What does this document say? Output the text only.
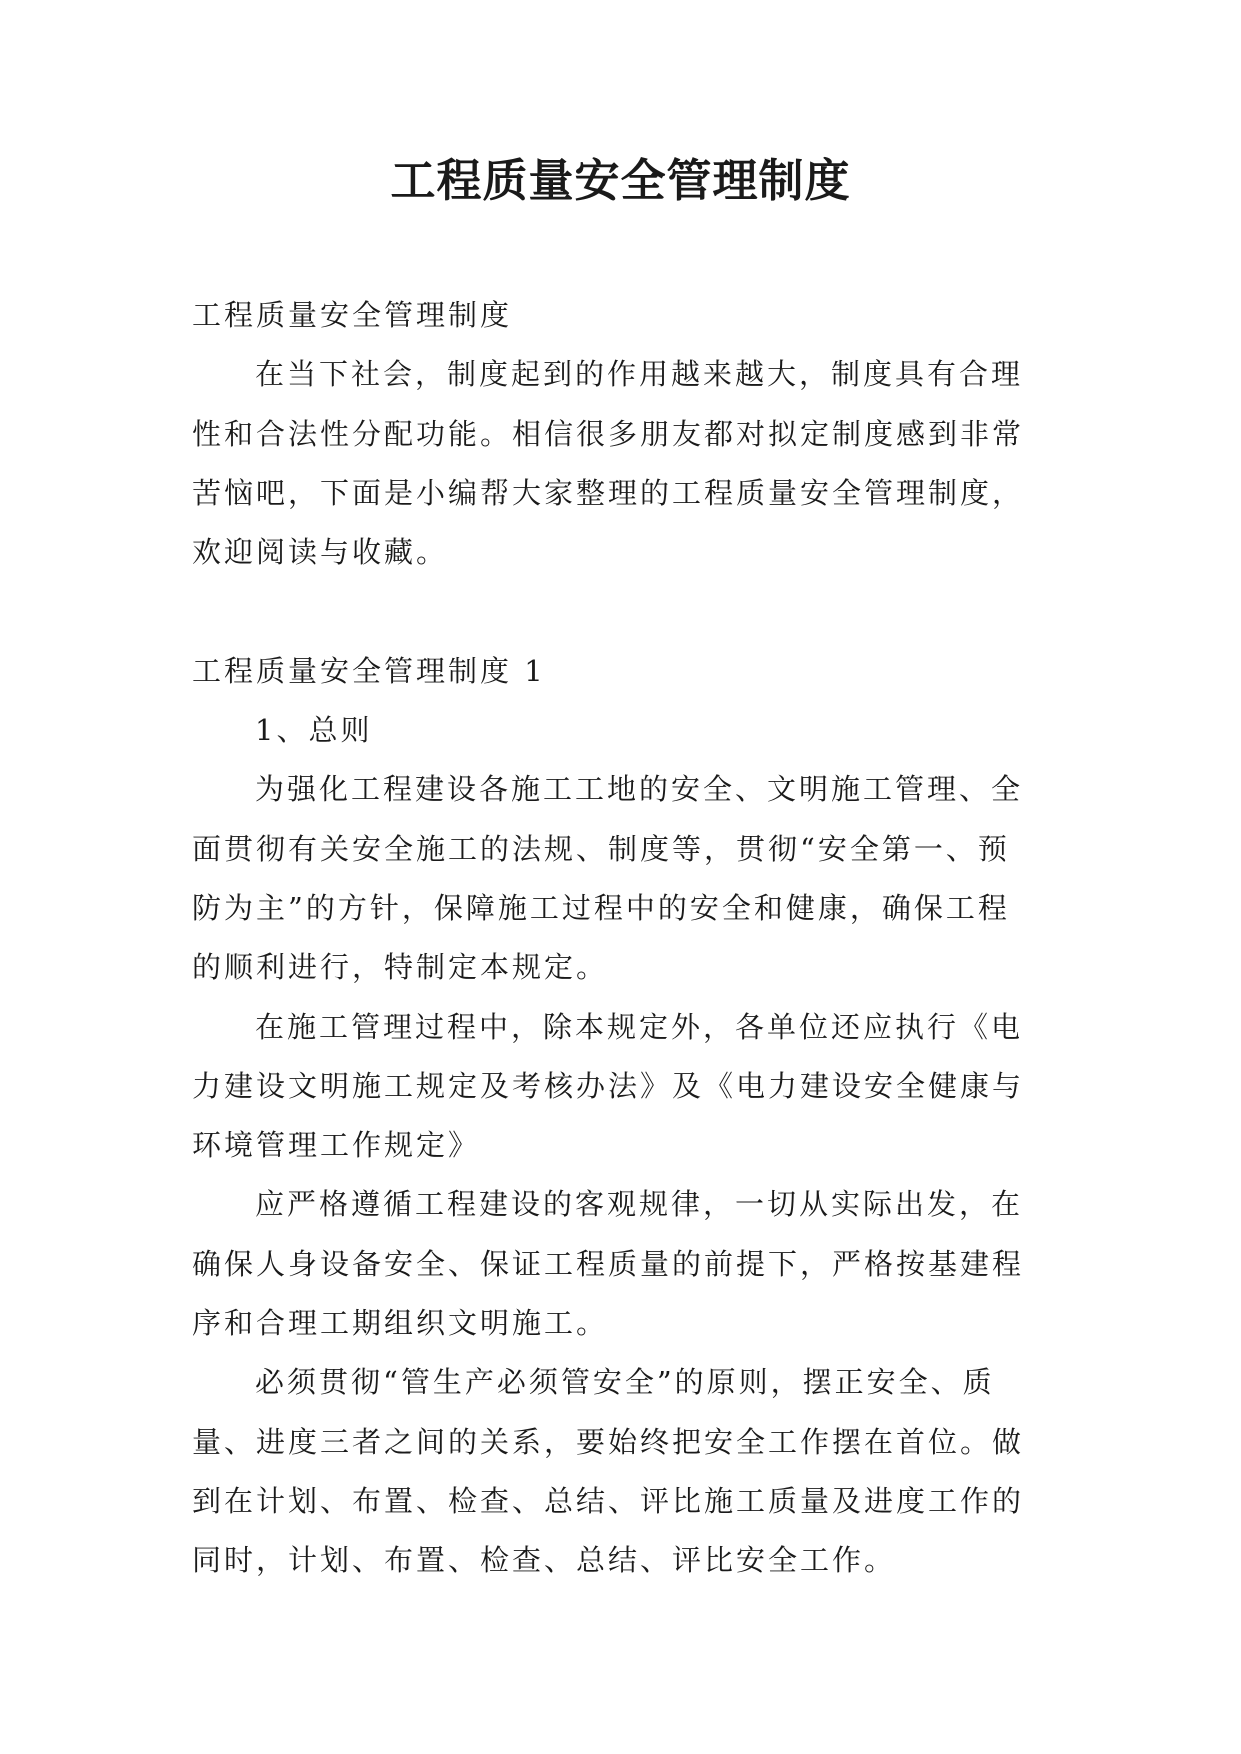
工程质量安全管理制度
工程质量安全管理制度
在当下社会，制度起到的作用越来越大，制度具有合理
性和合法性分配功能。相信很多朋友都对拟定制度感到非常
苦恼吧，下面是小编帮大家整理的工程质量安全管理制度，
欢迎阅读与收藏。
工程质量安全管理制度 1
1、总则
为强化工程建设各施工工地的安全、文明施工管理、全
面贯彻有关安全施工的法规、制度等，贯彻“安全第一、预
防为主”的方针，保障施工过程中的安全和健康，确保工程
的顺利进行，特制定本规定。
在施工管理过程中，除本规定外，各单位还应执行《电
力建设文明施工规定及考核办法》及《电力建设安全健康与
环境管理工作规定》
应严格遵循工程建设的客观规律，一切从实际出发，在
确保人身设备安全、保证工程质量的前提下，严格按基建程
序和合理工期组织文明施工。
必须贯彻“管生产必须管安全”的原则，摆正安全、质
量、进度三者之间的关系，要始终把安全工作摆在首位。做
到在计划、布置、检查、总结、评比施工质量及进度工作的
同时，计划、布置、检查、总结、评比安全工作。
